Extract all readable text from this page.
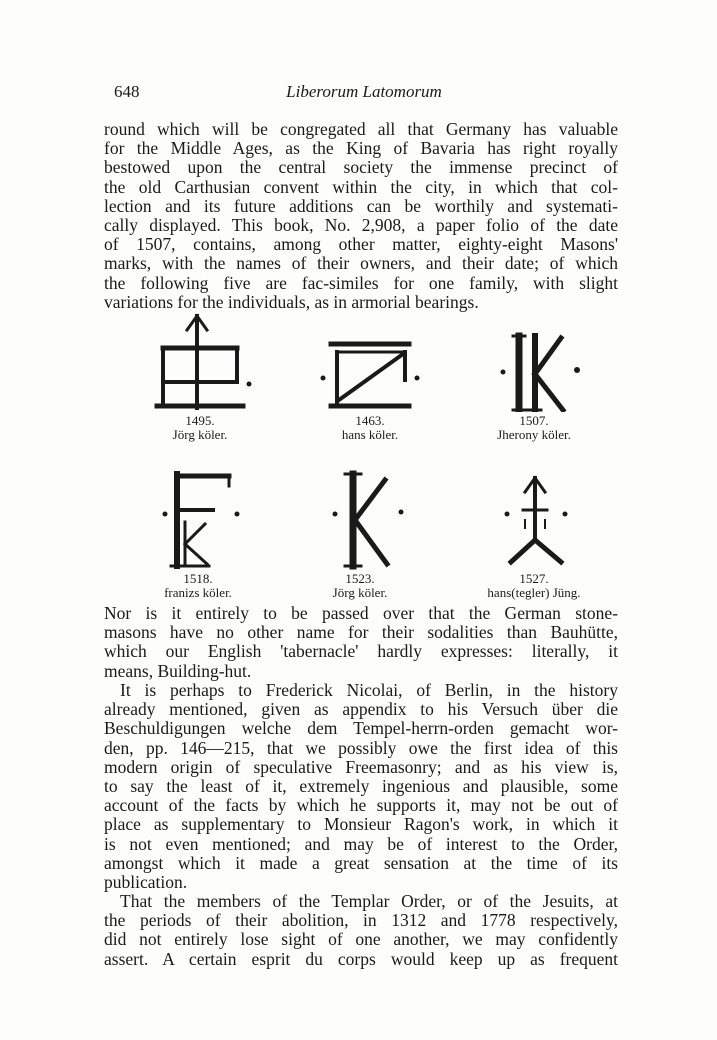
648	Liberorum Latomorum
round which will be congregated all that Germany has valuable
for the Middle Ages, as the King of Bavaria has right royally
bestowed upon the central society the immense precinct of
the old Carthusian convent within the city, in which that col-
lection and its future additions can be worthily and systemati-
cally displayed. This book, No. 2,908, a paper folio of the date
of 1507, contains, among other matter, eighty-eight Masons'
marks, with the names of their owners, and their date; of which
the following five are fac-similes for one family, with slight
variations for the individuals, as in armorial bearings.
1495.
Jörg köler.
1463.
hans köler.
1507.
Jherony köler.
1518.
franizs köler.
1523.
Jörg köler.
1527.
hans(tegler) Jüng.
Nor is it entirely to be passed over that the German stone-
masons have no other name for their sodalities than Bauhütte,
which our English 'tabernacle' hardly expresses: literally, it
means, Building-hut.
It is perhaps to Frederick Nicolai, of Berlin, in the history
already mentioned, given as appendix to his Versuch über die
Beschuldigungen welche dem Tempel-herrn-orden gemacht wor-
den, pp. 146—215, that we possibly owe the first idea of this
modern origin of speculative Freemasonry; and as his view is,
to say the least of it, extremely ingenious and plausible, some
account of the facts by which he supports it, may not be out of
place as supplementary to Monsieur Ragon's work, in which it
is not even mentioned; and may be of interest to the Order,
amongst which it made a great sensation at the time of its
publication.
That the members of the Templar Order, or of the Jesuits, at
the periods of their abolition, in 1312 and 1778 respectively,
did not entirely lose sight of one another, we may confidently
assert. A certain esprit du corps would keep up as frequent
